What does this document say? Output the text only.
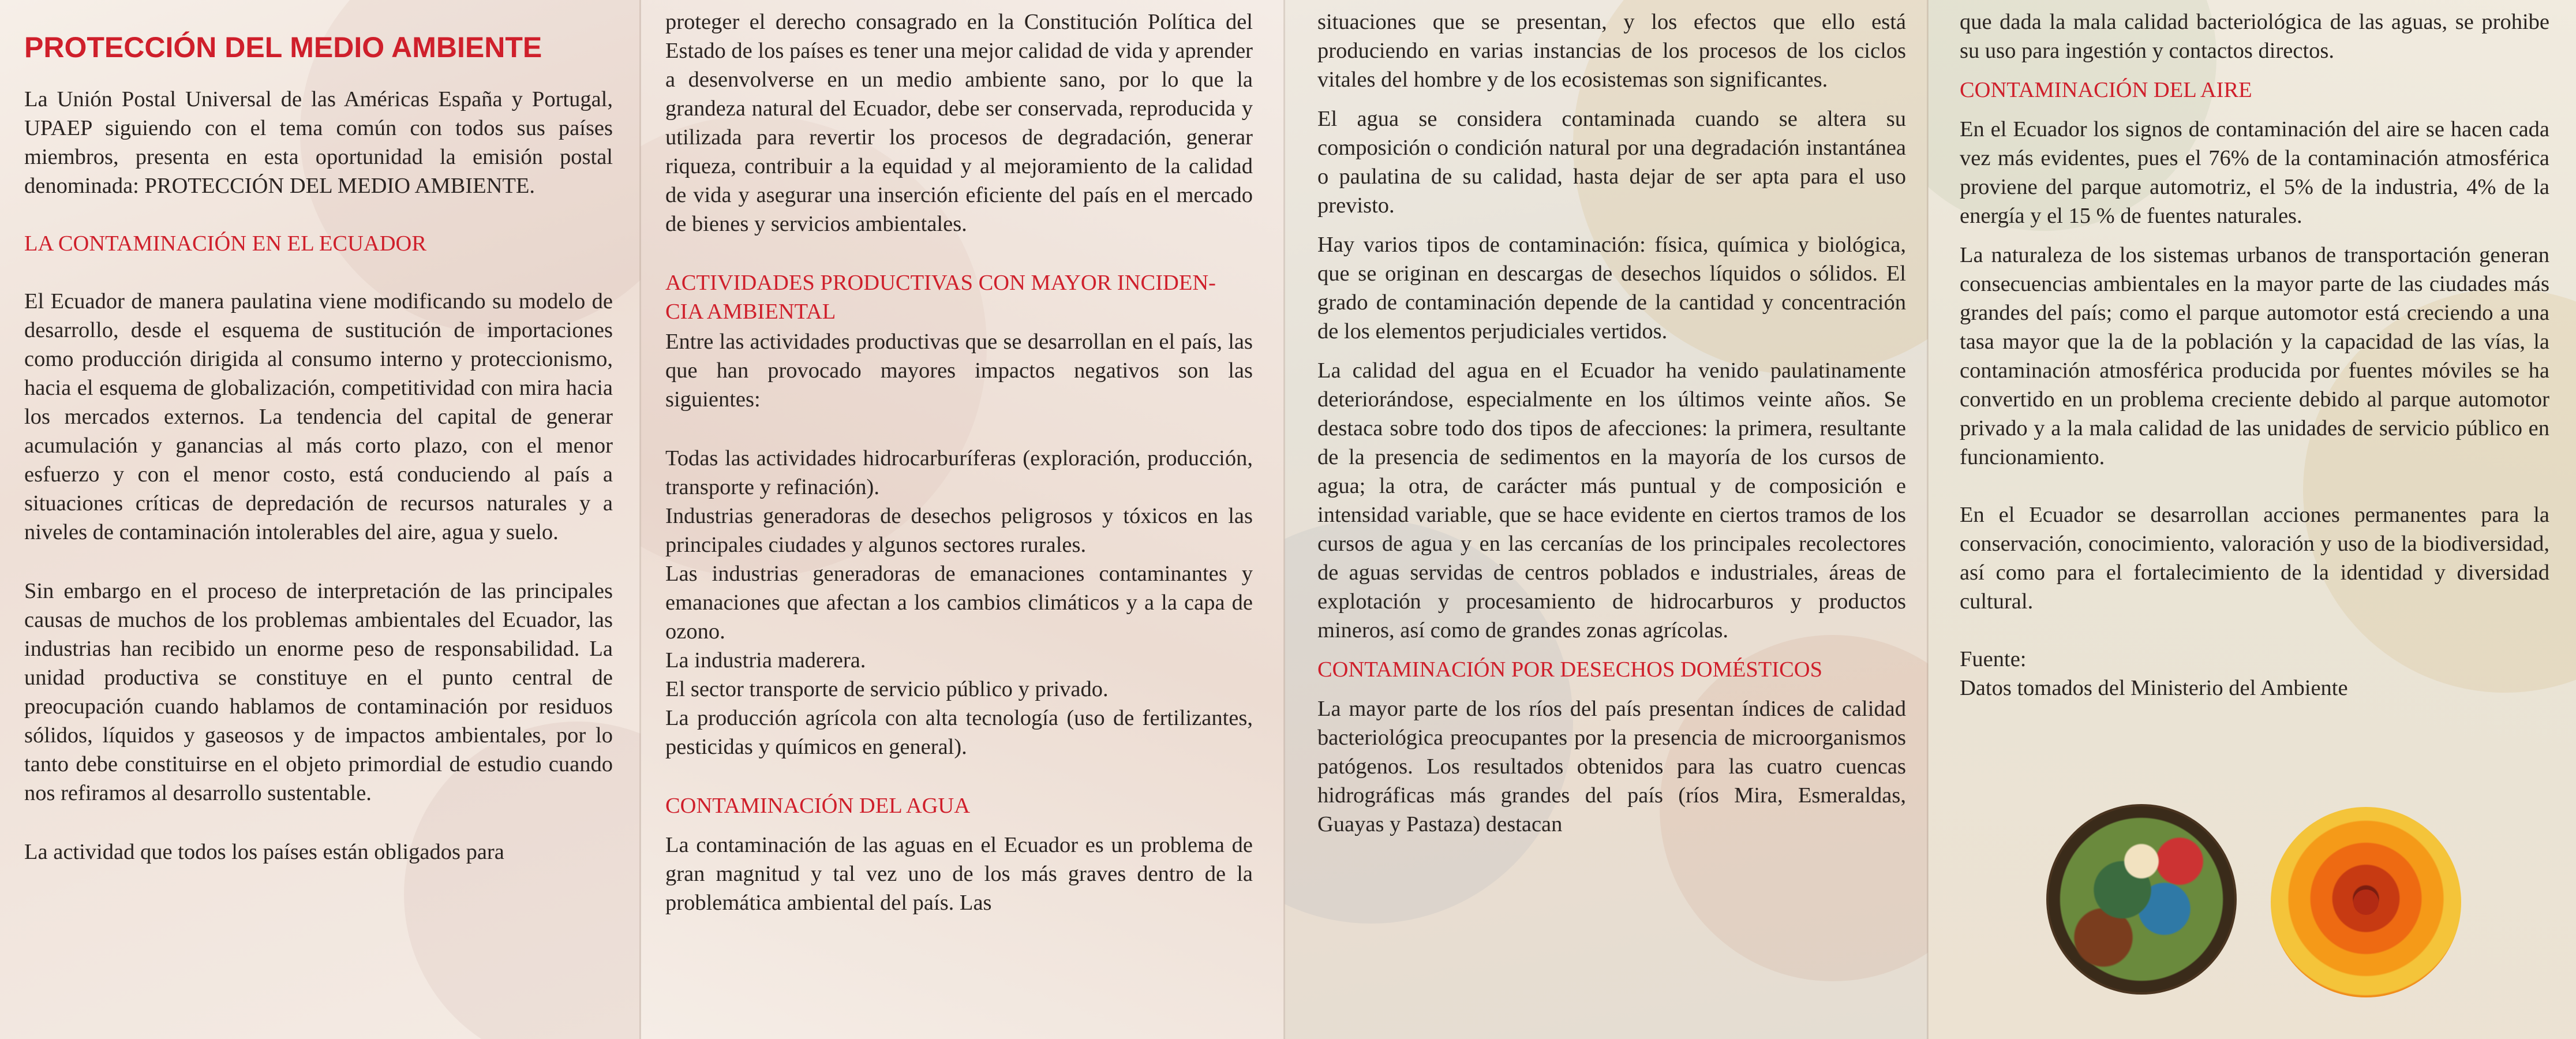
PROTECCIÓN DEL MEDIO AMBIENTE

La Unión Postal Universal de las Américas España y Portugal, UPAEP siguiendo con el tema común con todos sus países miembros, presenta en esta oportunidad la emisión postal denominada: PROTECCIÓN DEL MEDIO AMBIENTE.

LA CONTAMINACIÓN EN EL ECUADOR

El Ecuador de manera paulatina viene modificando su modelo de desarrollo, desde el esquema de sustitución de importaciones como producción dirigida al consumo interno y proteccionismo, hacia el esquema de globalización, competitividad con mira hacia los mercados externos. La tendencia del capital de generar acumulación y ganancias al más corto plazo, con el menor esfuerzo y con el menor costo, está conduciendo al país a situaciones críticas de depredación de recursos naturales y a niveles de contaminación intolerables del aire, agua y suelo.

Sin embargo en el proceso de interpretación de las principales causas de muchos de los problemas ambientales del Ecuador, las industrias han recibido un enorme peso de responsabilidad. La unidad productiva se constituye en el punto central de preocupación cuando hablamos de contaminación por residuos sólidos, líquidos y gaseosos y de impactos ambientales, por lo tanto debe constituirse en el objeto primordial de estudio cuando nos refiramos al desarrollo sustentable.

La actividad que todos los países están obligados para

proteger el derecho consagrado en la Constitución Política del Estado de los países es tener una mejor calidad de vida y aprender a desenvolverse en un medio ambiente sano, por lo que la grandeza natural del Ecuador, debe ser conservada, reproducida y utilizada para revertir los procesos de degradación, generar riqueza, contribuir a la equidad y al mejoramiento de la calidad de vida y asegurar una inserción eficiente del país en el mercado de bienes y servicios ambientales.

ACTIVIDADES PRODUCTIVAS CON MAYOR INCIDEN-CIA AMBIENTAL

Entre las actividades productivas que se desarrollan en el país, las que han provocado mayores impactos negativos son las siguientes:

Todas las actividades hidrocarburíferas (exploración, producción, transporte y refinación).

Industrias generadoras de desechos peligrosos y tóxicos en las principales ciudades y algunos sectores rurales.

Las industrias generadoras de emanaciones contaminantes y emanaciones que afectan a los cambios climáticos y a la capa de ozono.

La industria maderera.

El sector transporte de servicio público y privado.

La producción agrícola con alta tecnología (uso de fertilizantes, pesticidas y químicos en general).

CONTAMINACIÓN DEL AGUA

La contaminación de las aguas en el Ecuador es un problema de gran magnitud y tal vez uno de los más graves dentro de la problemática ambiental del país. Las

situaciones que se presentan, y los efectos que ello está produciendo en varias instancias de los procesos de los ciclos vitales del hombre y de los ecosistemas son significantes.

El agua se considera contaminada cuando se altera su composición o condición natural por una degradación instantánea o paulatina de su calidad, hasta dejar de ser apta para el uso previsto.

Hay varios tipos de contaminación: física, química y biológica, que se originan en descargas de desechos líquidos o sólidos. El grado de contaminación depende de la cantidad y concentración de los elementos perjudiciales vertidos.

La calidad del agua en el Ecuador ha venido paulatinamente deteriorándose, especialmente en los últimos veinte años. Se destaca sobre todo dos tipos de afecciones: la primera, resultante de la presencia de sedimentos en la mayoría de los cursos de agua; la otra, de carácter más puntual y de composición e intensidad variable, que se hace evidente en ciertos tramos de los cursos de agua y en las cercanías de los principales recolectores de aguas servidas de centros poblados e industriales, áreas de explotación y procesamiento de hidrocarburos y productos mineros, así como de grandes zonas agrícolas.

CONTAMINACIÓN POR DESECHOS DOMÉSTICOS

La mayor parte de los ríos del país presentan índices de calidad bacteriológica preocupantes por la presencia de microorganismos patógenos. Los resultados obtenidos para las cuatro cuencas hidrográficas más grandes del país (ríos Mira, Esmeraldas, Guayas y Pastaza) destacan

que dada la mala calidad bacteriológica de las aguas, se prohibe su uso para ingestión y contactos directos.

CONTAMINACIÓN DEL AIRE

En el Ecuador los signos de contaminación del aire se hacen cada vez más evidentes, pues el 76% de la contaminación atmosférica proviene del parque automotriz, el 5% de la industria, 4% de la energía y el 15 % de fuentes naturales.

La naturaleza de los sistemas urbanos de transportación generan consecuencias ambientales en la mayor parte de las ciudades más grandes del país; como el parque automotor está creciendo a una tasa mayor que la de la población y la capacidad de las vías, la contaminación atmosférica producida por fuentes móviles se ha convertido en un problema creciente debido al parque automotor privado y a la mala calidad de las unidades de servicio público en funcionamiento.

En el Ecuador se desarrollan acciones permanentes para la conservación, conocimiento, valoración y uso de la biodiversidad, así como para el fortalecimiento de la identidad y diversidad cultural.

Fuente:

Datos tomados del Ministerio del Ambiente
